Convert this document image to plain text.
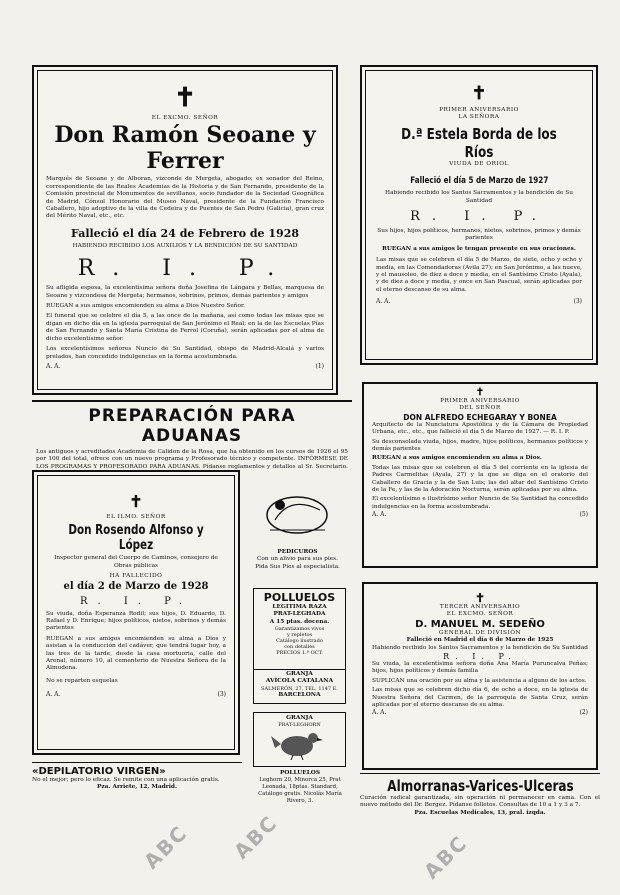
ABC ABC	ABC
✝
EL EXCMO. SEÑOR
Don Ramón Seoane y Ferrer
Marqués de Seoane y de Alboran, vizconde de Mergeta, abogado; ex senador del Reino, correspondiente de las Reales Academias de la Historia y de San Fernando, presidente de la Comisión provincial de Monumentos de sevillanos, socio fundador de la Sociedad Geográfica de Madrid, Cónsul Honorario del Museo Naval, presidente de la Fundación Francisco Caballero, hijo adoptivo de la villa de Cedeira y de Puentes de San Pedro (Galicia), gran cruz del Mérito Naval, etc., etc.
Falleció el día 24 de Febrero de 1928
HABIENDO RECIBIDO LOS AUXILIOS Y LA BENDICIÓN DE SU SANTIDAD
R. I. P.
Su afligida esposa, la excelentísima señora doña Josefina de Lángara y Bellas, marquesa de Seoane y vizcondesa de Mergeta; hermanos, sobrinos, primos, demás parientes y amigos
RUEGAN a sus amigos encomienden su alma a Dios Nuestro Señor.
El funeral que se celebre el día 5, a las once de la mañana, así como todas las misas que se digan en dicho día en la iglesia parroquial de San Jerónimo el Real; en la de las Escuelas Pías de San Fernando y Santa María Cristina de Ferrol (Coruña), serán aplicadas por el alma de dicho excelentísimo señor.
Los excelentísimos señores Nuncio de Su Santidad, obispo de Madrid-Alcalá y varios prelados, han concedido indulgencias en la forma acostumbrada.
A. A.	(1)
✝
PRIMER ANIVERSARIO
LA SEÑORA
D.ª Estela Borda de los Ríos
VIUDA DE ORIOL
Falleció el día 5 de Marzo de 1927
Habiendo recibido los Santos Sacramentos y la bendición de Su Santidad
R. I. P.
Sus hijos, hijos políticos, hermanos, nietos, sobrinos, primos y demás parientes
RUEGAN a sus amigos le tengan presente en sus oraciones.
Las misas que se celebren el día 5 de Marzo, de siete, ocho y ocho y media, en las Comendadoras (Avila 27); en San Jerónimo, a las nueve, y el mausoleo, de diez a doce y media, en el Santísimo Cristo (Ayala), y de diez a doce y media, y once en San Pascual, serán aplicadas por el eterno descanso de su alma.
A. A.	(3)
PREPARACIÓN PARA ADUANAS
Los antiguos y acreditados Academia de Calidon de la Rosa, que ha obtenido en los cursos de 1926 el 95 por 100 del total, ofrece con un nuevo programa y Profesorado técnico y competente. INFÓRMESE DE LOS PROGRAMAS Y PROFESORADO PARA ADUANAS. Pídanse reglamentos y detalles al Sr. Secretario.
✝
EL ILMO. SEÑOR
Don Rosendo Alfonso y López
Inspector general del Cuerpo de Caminos, consejero de Obras públicas
HA FALLECIDO
el día 2 de Marzo de 1928
R. I. P.
Su viuda, doña Esperanza Rodil; sus hijos, D. Eduardo, D. Rafael y D. Enrique; hijos políticos, nietos, sobrinos y demás parientes
RUEGAN a sus amigos encomienden su alma a Dios y asistan a la conducción del cadáver, que tendrá lugar hoy, a las tres de la tarde, desde la casa mortuoria, calle del Arenal, número 10, al cementerio de Nuestra Señora de la Almudena.
No se reparten esquelas
A. A.	(3)
PEDICUROS
Con un alivio para sus pies. Pida Sus Pies al especialista.
POLLUELOS
LEGITIMA RAZA
PRAT-LEGHADA
A 15 ptas. docena.
Garantizamos vivos
y repletos
Catálogo ilustrado
con detalles
PRECIOS 1.ª OCT.
GRANJA
AVÍCOLA CATALANA
SALMERÓN, 27, TEL. 1147 E.
BARCELONA
GRANJA
PRAT-LEGHORN
POLLUELOS
Leghorn 20, Minorca 25, Prat Leonada, 18ptas. Standard, Catálogo gratis. Nicolás María Rivero, 3.
✝
PRIMER ANIVERSARIO
DEL SEÑOR
DON ALFREDO ECHEGARAY Y BONEA
Arquitecto de la Nunciatura Apostólica y de la Cámara de Propiedad Urbana, etc., etc., que falleció el día 5 de Marzo de 1927. — R. I. P.
Su desconsolada viuda, hijos, madre, hijos políticos, hermanos políticos y demás parientes
RUEGAN a sus amigos encomienden su alma a Dios.
Todas las misas que se celebren el día 5 del corriente en la iglesia de Padres Carmelitas (Ayala, 27) y la que se diga en el oratorio del Caballero de Gracia y la de San Luis; las del altar del Santísimo Cristo de la Fe, y las de la Adoración Nocturna, serán aplicadas por su alma.
El excelentísimo e ilustrísimo señor Nuncio de Su Santidad ha concedido indulgencias en la forma acostumbrada.
A. A.	(5)
✝
TERCER ANIVERSARIO
EL EXCMO. SEÑOR
D. MANUEL M. SEDEÑO
GENERAL DE DIVISIÓN
Falleció en Madrid el día 6 de Marzo de 1925
Habiendo recibido los Santos Sacramentos y la bendición de Su Santidad
R. I. P.
Su viuda, la excelentísima señora doña Ana María Puruncalva Peñas; hijos, hijos políticos y demás familia
SUPLICAN una oración por su alma y la asistencia a alguno de los actos.
Las misas que se celebren dicho día 6, de ocho a doce, en la iglesia de Nuestra Señora del Carmen, de la parroquia de Santa Cruz, serán aplicadas por el eterno descanso de su alma.
A. A.	(2)
«DEPILATORIO VIRGEN»
No el mejor; pero lo eficaz. Se remite con una aplicación gratis.
Pza. Arriete, 12, Madrid.	Almorranas-Varices-Ulceras
Curación radical garantizada, sin operación ni permanecer en cama. Con el nuevo método del Dr. Bergez. Pídanse folletos. Consultas de 10 a 1 y 3 a 7.
Pza. Escuelas Medicales, 13, pral. izqda.
